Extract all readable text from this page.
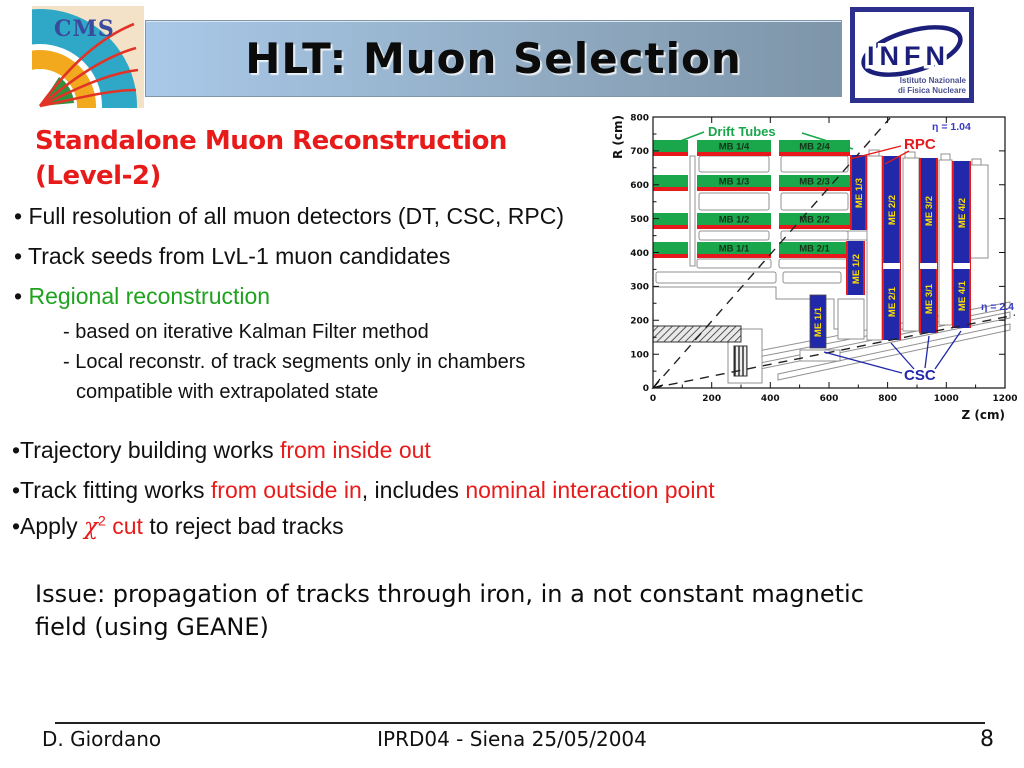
CMS
HLT: Muon Selection	INFN
Istituto Nazionale
di Fisica Nucleare
Standalone Muon Reconstruction
(Level-2)
• Full resolution of all muon detectors (DT, CSC, RPC)
• Track seeds from LvL-1 muon candidates
• Regional reconstruction
- based on iterative Kalman Filter method
- Local reconstr. of track segments only in chambers
compatible with extrapolated state
•Trajectory building works from inside out
•Track fitting works from outside in, includes nominal interaction point
•Apply $\chi^2$ cut to reject bad tracks
Issue: propagation of tracks through iron, in a not constant magnetic
field (using GEANE)
MB 1/4	MB 2/4
MB 1/3	MB 2/3
MB 1/2	MB 2/2
MB 1/1	MB 2/1
ME 1/3
ME 1/2
ME 1/1
ME 2/2
ME 2/1
ME 3/2
ME 3/1
ME 4/2
ME 4/1
800
700
600
500
400
300
200
100
0
0	200	400	600	800	1000	1200
R (cm)
Z (cm)
Drift Tubes
RPC
CSC
η = 1.04
η = 2.4
D. Giordano	IPRD04 - Siena 25/05/2004	8
